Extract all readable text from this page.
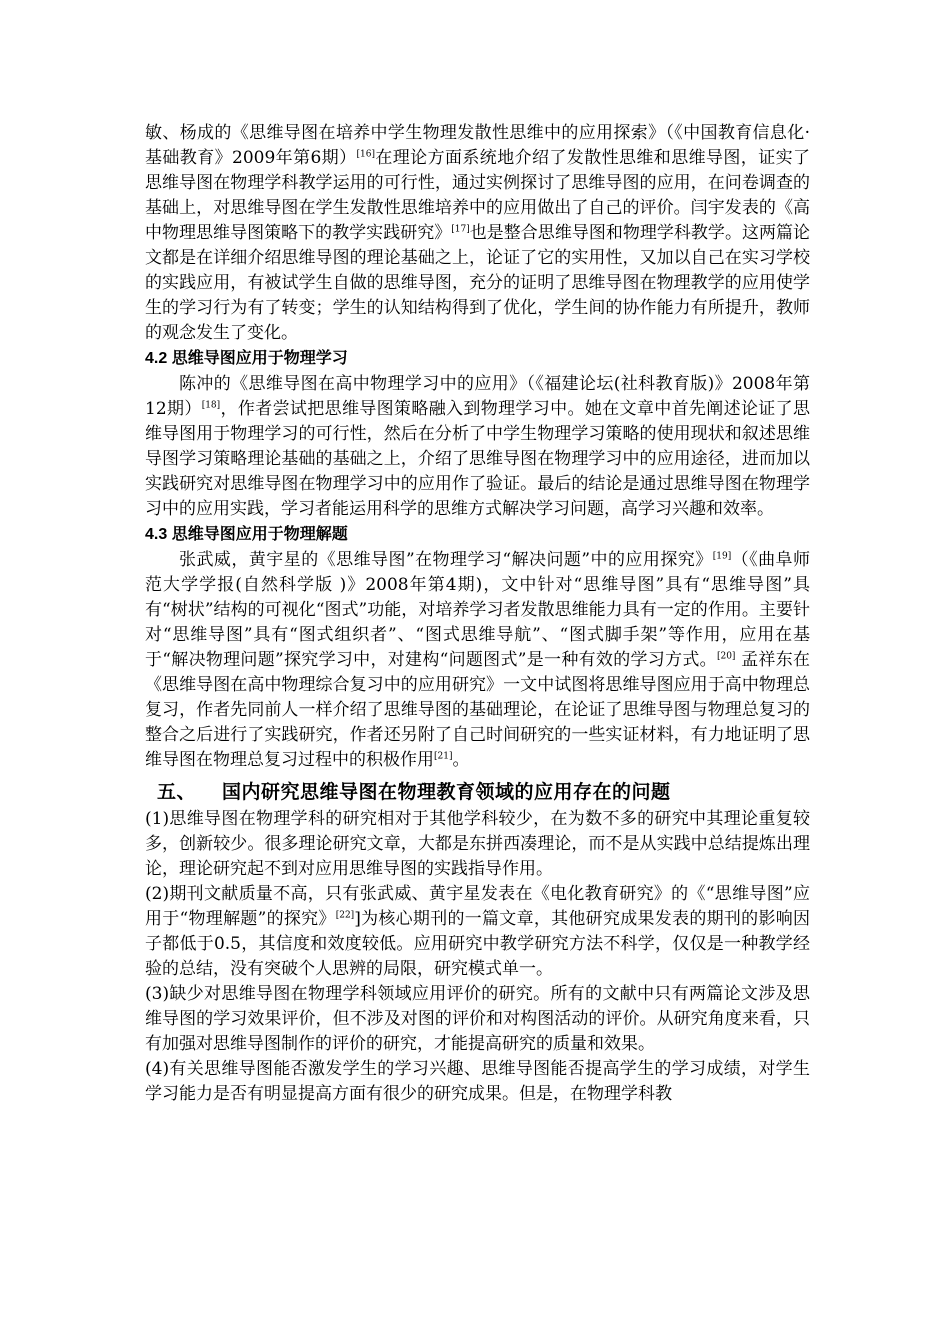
敏、杨成的《思维导图在培养中学生物理发散性思维中的应用探索》（《中国教育信息化·基础教育》2009年第6期）[16]在理论方面系统地介绍了发散性思维和思维导图，证实了思维导图在物理学科教学运用的可行性，通过实例探讨了思维导图的应用，在问卷调查的基础上，对思维导图在学生发散性思维培养中的应用做出了自己的评价。闫宇发表的《高中物理思维导图策略下的教学实践研究》[17]也是整合思维导图和物理学科教学。这两篇论文都是在详细介绍思维导图的理论基础之上，论证了它的实用性，又加以自己在实习学校的实践应用，有被试学生自做的思维导图，充分的证明了思维导图在物理教学的应用使学生的学习行为有了转变；学生的认知结构得到了优化，学生间的协作能力有所提升，教师的观念发生了变化。

4.2 思维导图应用于物理学习

陈冲的《思维导图在高中物理学习中的应用》（《福建论坛(社科教育版)》2008年第12期）[18]，作者尝试把思维导图策略融入到物理学习中。她在文章中首先阐述论证了思维导图用于物理学习的可行性，然后在分析了中学生物理学习策略的使用现状和叙述思维导图学习策略理论基础的基础之上，介绍了思维导图在物理学习中的应用途径，进而加以实践研究对思维导图在物理学习中的应用作了验证。最后的结论是通过思维导图在物理学习中的应用实践，学习者能运用科学的思维方式解决学习问题，高学习兴趣和效率。

4.3 思维导图应用于物理解题

张武威，黄宇星的《思维导图”在物理学习“解决问题”中的应用探究》[19]（《曲阜师范大学学报(自然科学版 )》2008年第4期)，文中针对“思维导图”具有“思维导图”具有“树状”结构的可视化“图式”功能，对培养学习者发散思维能力具有一定的作用。主要针对“思维导图”具有“图式组织者”、“图式思维导航”、“图式脚手架”等作用，应用在基于“解决物理问题”探究学习中，对建构“问题图式”是一种有效的学习方式。[20] 孟祥东在《思维导图在高中物理综合复习中的应用研究》一文中试图将思维导图应用于高中物理总复习，作者先同前人一样介绍了思维导图的基础理论，在论证了思维导图与物理总复习的整合之后进行了实践研究，作者还另附了自己时间研究的一些实证材料，有力地证明了思维导图在物理总复习过程中的积极作用[21]。

五、 国内研究思维导图在物理教育领域的应用存在的问题

(1)思维导图在物理学科的研究相对于其他学科较少，在为数不多的研究中其理论重复较多，创新较少。很多理论研究文章，大都是东拼西凑理论，而不是从实践中总结提炼出理论，理论研究起不到对应用思维导图的实践指导作用。

(2)期刊文献质量不高，只有张武威、黄宇星发表在《电化教育研究》的《“思维导图”应用于“物理解题”的探究》[22]]为核心期刊的一篇文章，其他研究成果发表的期刊的影响因子都低于0.5，其信度和效度较低。应用研究中教学研究方法不科学，仅仅是一种教学经验的总结，没有突破个人思辨的局限，研究模式单一。

(3)缺少对思维导图在物理学科领域应用评价的研究。所有的文献中只有两篇论文涉及思维导图的学习效果评价，但不涉及对图的评价和对构图活动的评价。从研究角度来看，只有加强对思维导图制作的评价的研究，才能提高研究的质量和效果。

(4)有关思维导图能否激发学生的学习兴趣、思维导图能否提高学生的学习成绩，对学生学习能力是否有明显提高方面有很少的研究成果。但是，在物理学科教
